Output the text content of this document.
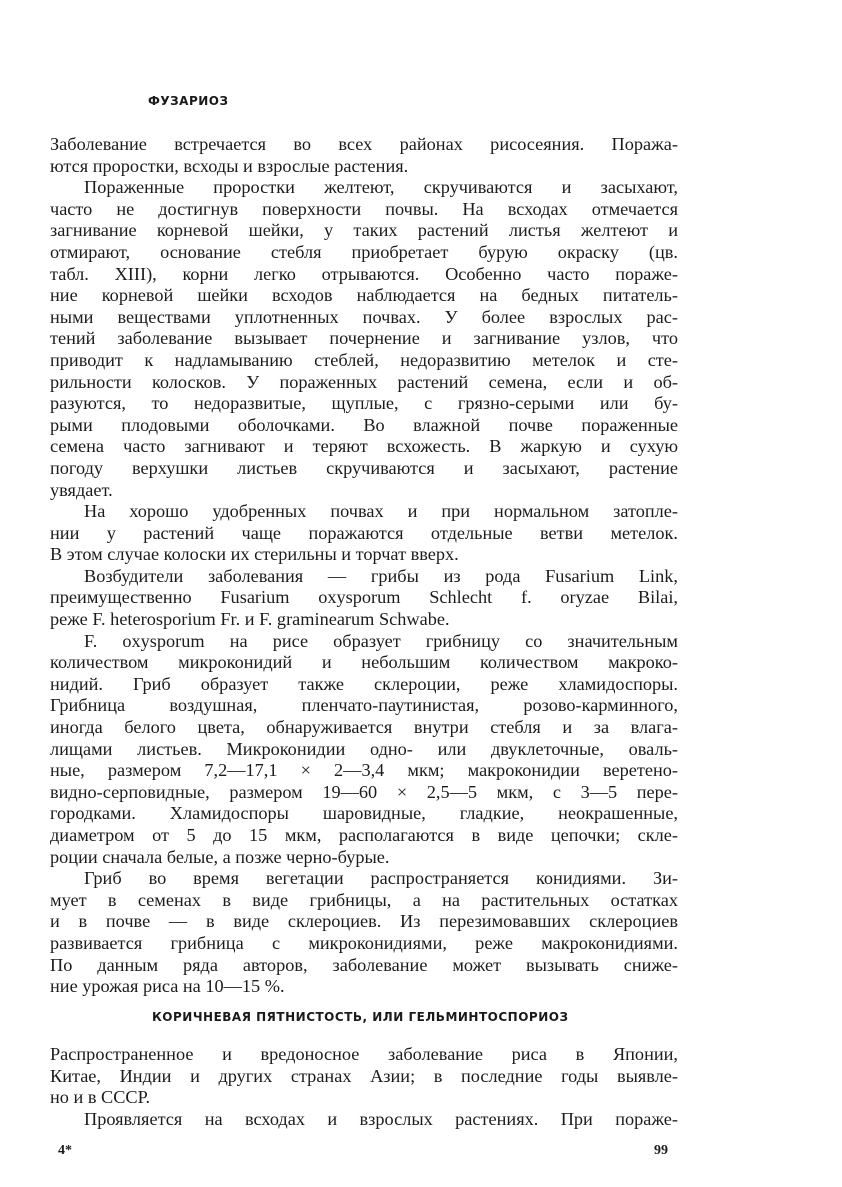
ФУЗАРИОЗ
Заболевание встречается во всех районах рисосеяния. Поража-
ются проростки, всходы и взрослые растения.
Пораженные проростки желтеют, скручиваются и засыхают,
часто не достигнув поверхности почвы. На всходах отмечается
загнивание корневой шейки, у таких растений листья желтеют и
отмирают, основание стебля приобретает бурую окраску (цв.
табл. XIII), корни легко отрываются. Особенно часто пораже-
ние корневой шейки всходов наблюдается на бедных питатель-
ными веществами уплотненных почвах. У более взрослых рас-
тений заболевание вызывает почернение и загнивание узлов, что
приводит к надламыванию стеблей, недоразвитию метелок и сте-
рильности колосков. У пораженных растений семена, если и об-
разуются, то недоразвитые, щуплые, с грязно-серыми или бу-
рыми плодовыми оболочками. Во влажной почве пораженные
семена часто загнивают и теряют всхожесть. В жаркую и сухую
погоду верхушки листьев скручиваются и засыхают, растение
увядает.
На хорошо удобренных почвах и при нормальном затопле-
нии у растений чаще поражаются отдельные ветви метелок.
В этом случае колоски их стерильны и торчат вверх.
Возбудители заболевания — грибы из рода Fusarium Link,
преимущественно Fusarium oxysporum Schlecht f. oryzae Bilai,
реже F. heterosporium Fr. и F. graminearum Schwabe.
F. oxysporum на рисе образует грибницу со значительным
количеством микроконидий и небольшим количеством макроко-
нидий. Гриб образует также склероции, реже хламидоспоры.
Грибница воздушная, пленчато-паутинистая, розово-карминного,
иногда белого цвета, обнаруживается внутри стебля и за влага-
лищами листьев. Микроконидии одно- или двуклеточные, оваль-
ные, размером 7,2—17,1 × 2—3,4 мкм; макроконидии веретено-
видно-серповидные, размером 19—60 × 2,5—5 мкм, с 3—5 пере-
городками. Хламидоспоры шаровидные, гладкие, неокрашенные,
диаметром от 5 до 15 мкм, располагаются в виде цепочки; скле-
роции сначала белые, а позже черно-бурые.
Гриб во время вегетации распространяется конидиями. Зи-
мует в семенах в виде грибницы, а на растительных остатках
и в почве — в виде склероциев. Из перезимовавших склероциев
развивается грибница с микроконидиями, реже макроконидиями.
По данным ряда авторов, заболевание может вызывать сниже-
ние урожая риса на 10—15 %.
КОРИЧНЕВАЯ ПЯТНИСТОСТЬ, ИЛИ ГЕЛЬМИНТОСПОРИОЗ
Распространенное и вредоносное заболевание риса в Японии,
Китае, Индии и других странах Азии; в последние годы выявле-
но и в СССР.
Проявляется на всходах и взрослых растениях. При пораже-
4*	99
